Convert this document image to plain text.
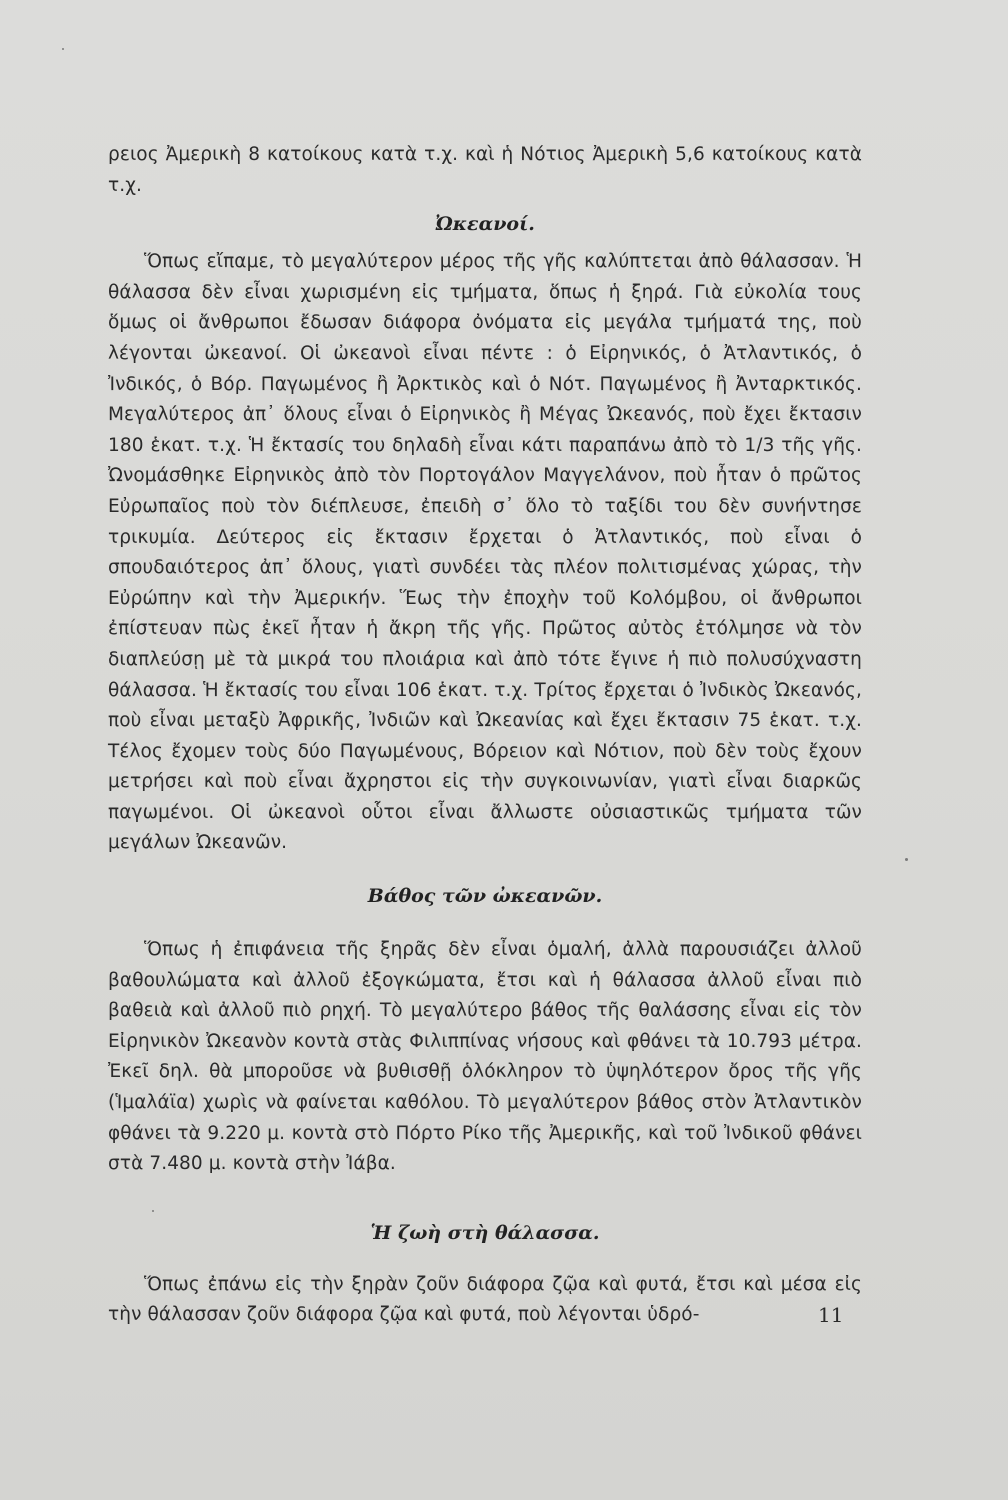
ρειος Ἀμερικὴ 8 κατοίκους κατὰ τ.χ. καὶ ἡ Νότιος Ἀμερικὴ 5,6 κατοίκους κατὰ τ.χ.

Ὠκεανοί.

Ὅπως εἴπαμε, τὸ μεγαλύτερον μέρος τῆς γῆς καλύπτεται ἀπὸ θάλασσαν. Ἡ θάλασσα δὲν εἶναι χωρισμένη εἰς τμήματα, ὅπως ἡ ξηρά. Γιὰ εὐκολία τους ὅμως οἱ ἄνθρωποι ἔδωσαν διάφορα ὀνόματα εἰς μεγάλα τμήματά της, ποὺ λέγονται ὠκεανοί. Οἱ ὠκεανοὶ εἶναι πέντε : ὁ Εἰρηνικός, ὁ Ἀτλαντικός, ὁ Ἰνδικός, ὁ Βόρ. Παγωμένος ἢ Ἀρκτικὸς καὶ ὁ Νότ. Παγωμένος ἢ Ἀνταρκτικός. Μεγαλύτερος ἀπ᾿ ὅλους εἶναι ὁ Εἰρηνικὸς ἢ Μέγας Ὠκεανός, ποὺ ἔχει ἔκτασιν 180 ἑκατ. τ.χ. Ἡ ἔκτασίς του δηλαδὴ εἶναι κάτι παραπάνω ἀπὸ τὸ 1/3 τῆς γῆς. Ὠνομάσθηκε Εἰρηνικὸς ἀπὸ τὸν Πορτογάλον Μαγγελάνον, ποὺ ἦταν ὁ πρῶτος Εὐρωπαῖος ποὺ τὸν διέπλευσε, ἐπειδὴ σ᾿ ὅλο τὸ ταξίδι του δὲν συνήντησε τρικυμία. Δεύτερος εἰς ἔκτασιν ἔρχεται ὁ Ἀτλαντικός, ποὺ εἶναι ὁ σπουδαιότερος ἀπ᾿ ὅλους, γιατὶ συνδέει τὰς πλέον πολιτισμένας χώρας, τὴν Εὐρώπην καὶ τὴν Ἀμερικήν. Ἕως τὴν ἐποχὴν τοῦ Κολόμβου, οἱ ἄνθρωποι ἐπίστευαν πὼς ἐκεῖ ἦταν ἡ ἄκρη τῆς γῆς. Πρῶτος αὐτὸς ἐτόλμησε νὰ τὸν διαπλεύσῃ μὲ τὰ μικρά του πλοιάρια καὶ ἀπὸ τότε ἔγινε ἡ πιὸ πολυσύχναστη θάλασσα. Ἡ ἔκτασίς του εἶναι 106 ἑκατ. τ.χ. Τρίτος ἔρχεται ὁ Ἰνδικὸς Ὠκεανός, ποὺ εἶναι μεταξὺ Ἀφρικῆς, Ἰνδιῶν καὶ Ὠκεανίας καὶ ἔχει ἔκτασιν 75 ἑκατ. τ.χ. Τέλος ἔχομεν τοὺς δύο Παγωμένους, Βόρειον καὶ Νότιον, ποὺ δὲν τοὺς ἔχουν μετρήσει καὶ ποὺ εἶναι ἄχρηστοι εἰς τὴν συγκοινωνίαν, γιατὶ εἶναι διαρκῶς παγωμένοι. Οἱ ὠκεανοὶ οὗτοι εἶναι ἄλλωστε οὐσιαστικῶς τμήματα τῶν μεγάλων Ὠκεανῶν.

Βάθος τῶν ὠκεανῶν.

Ὅπως ἡ ἐπιφάνεια τῆς ξηρᾶς δὲν εἶναι ὁμαλή, ἀλλὰ παρουσιάζει ἀλλοῦ βαθουλώματα καὶ ἀλλοῦ ἐξογκώματα, ἔτσι καὶ ἡ θάλασσα ἀλλοῦ εἶναι πιὸ βαθειὰ καὶ ἀλλοῦ πιὸ ρηχή. Τὸ μεγαλύτερο βάθος τῆς θαλάσσης εἶναι εἰς τὸν Εἰρηνικὸν Ὠκεανὸν κοντὰ στὰς Φιλιππίνας νήσους καὶ φθάνει τὰ 10.793 μέτρα. Ἐκεῖ δηλ. θὰ μποροῦσε νὰ βυθισθῇ ὁλόκληρον τὸ ὑψηλότερον ὄρος τῆς γῆς (Ἱμαλάϊα) χωρὶς νὰ φαίνεται καθόλου. Τὸ μεγαλύτερον βάθος στὸν Ἀτλαντικὸν φθάνει τὰ 9.220 μ. κοντὰ στὸ Πόρτο Ρίκο τῆς Ἀμερικῆς, καὶ τοῦ Ἰνδικοῦ φθάνει στὰ 7.480 μ. κοντὰ στὴν Ἰάβα.

Ἡ ζωὴ στὴ θάλασσα.

Ὅπως ἐπάνω εἰς τὴν ξηρὰν ζοῦν διάφορα ζῷα καὶ φυτά, ἔτσι καὶ μέσα εἰς τὴν θάλασσαν ζοῦν διάφορα ζῷα καὶ φυτά, ποὺ λέγονται ὑδρό-	11
